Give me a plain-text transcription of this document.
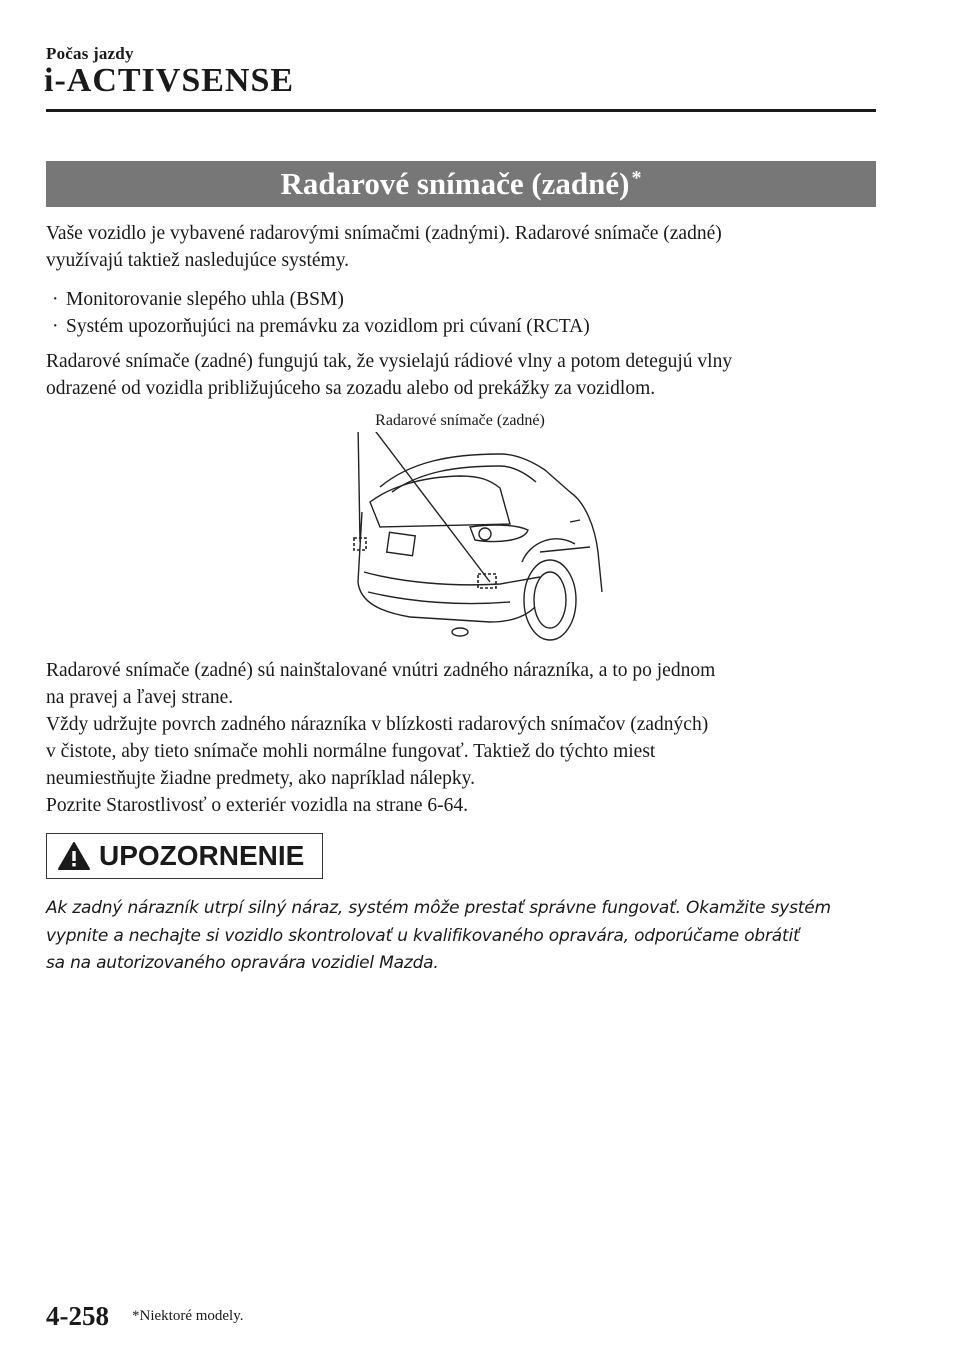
Počas jazdy
i-ACTIVSENSE
Radarové snímače (zadné)*
Vaše vozidlo je vybavené radarovými snímačmi (zadnými). Radarové snímače (zadné)
využívajú taktiež nasledujúce systémy.
· Monitorovanie slepého uhla (BSM)
· Systém upozorňujúci na premávku za vozidlom pri cúvaní (RCTA)
Radarové snímače (zadné) fungujú tak, že vysielajú rádiové vlny a potom detegujú vlny
odrazené od vozidla približujúceho sa zozadu alebo od prekážky za vozidlom.
Radarové snímače (zadné)
Radarové snímače (zadné) sú nainštalované vnútri zadného nárazníka, a to po jednom
na pravej a ľavej strane.
Vždy udržujte povrch zadného nárazníka v blízkosti radarových snímačov (zadných)
v čistote, aby tieto snímače mohli normálne fungovať. Taktiež do týchto miest
neumiestňujte žiadne predmety, ako napríklad nálepky.
Pozrite Starostlivosť o exteriér vozidla na strane 6-64.
UPOZORNENIE
Ak zadný nárazník utrpí silný náraz, systém môže prestať správne fungovať. Okamžite systém
vypnite a nechajte si vozidlo skontrolovať u kvalifikovaného opravára, odporúčame obrátiť
sa na autorizovaného opravára vozidiel Mazda.
4-258 *Niektoré modely.
